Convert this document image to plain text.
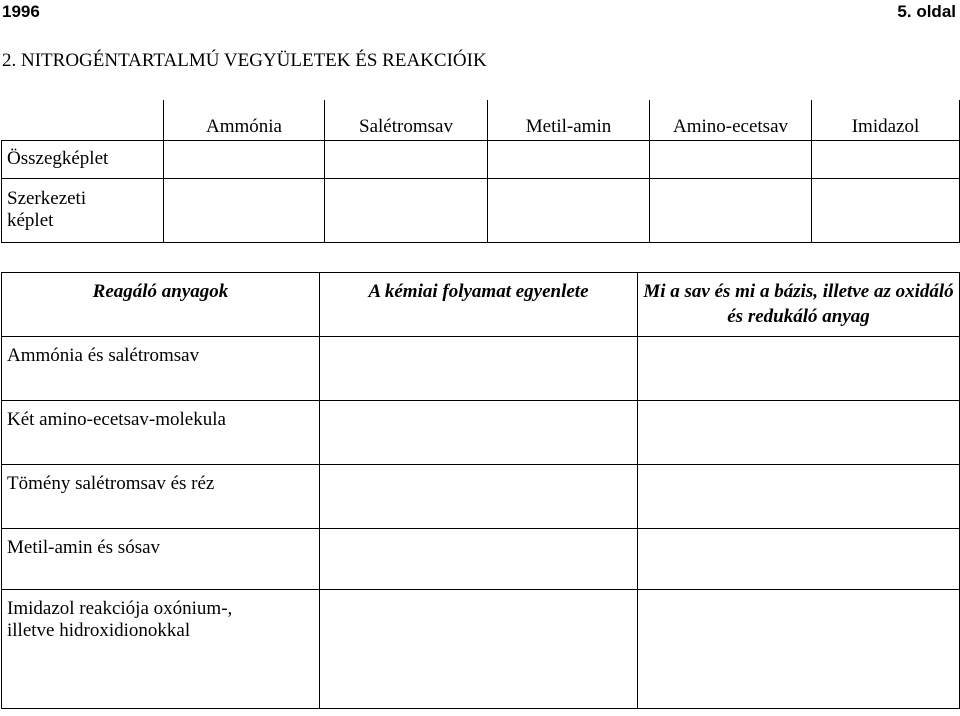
1996	5. oldal
2. NITROGÉNTARTALMÚ VEGYÜLETEK ÉS REAKCIÓIK
	Ammónia	Salétromsav	Metil-amin	Amino-ecetsav	Imidazol
Összegképlet					
Szerkezeti
képlet					
Reagáló anyagok	A kémiai folyamat egyenlete	Mi a sav és mi a bázis, illetve az oxidáló és redukáló anyag
Ammónia és salétromsav		
Két amino-ecetsav-molekula		
Tömény salétromsav és réz		
Metil-amin és sósav		
Imidazol reakciója oxónium-,
illetve hidroxidionokkal		
